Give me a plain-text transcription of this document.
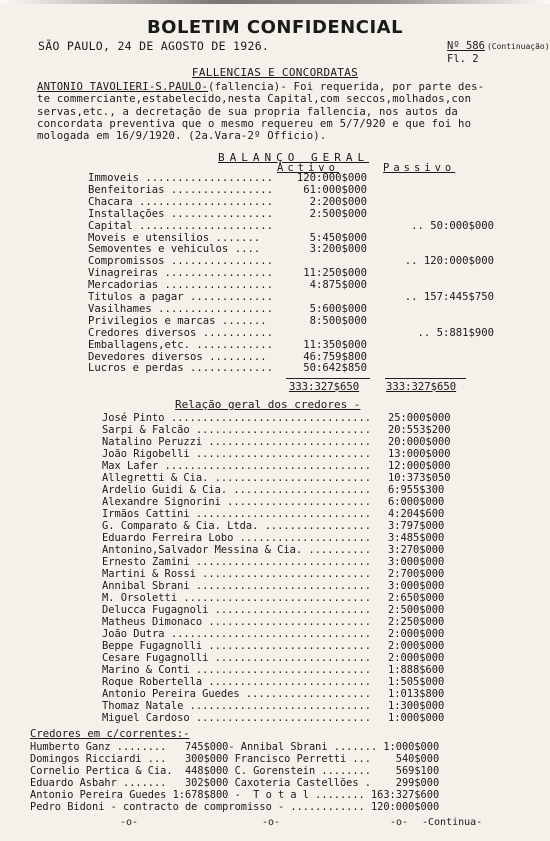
BOLETIM CONFIDENCIAL
SÃO PAULO, 24 DE AGOSTO DE 1926.	Nº 586 (Continuação)
Fl. 2
FALLENCIAS E CONCORDATAS
ANTONIO TAVOLIERI-S.PAULO-(fallencia)- Foi requerida, por parte des-
te commerciante,estabelecido,nesta Capital,com seccos,molhados,con
servas,etc., a decretação de sua propria fallencia, nos autos da
concordata preventiva que o mesmo requereu em 5/7/920 e que foi ho
mologada em 16/9/1920. (2a.Vara-2º Officio).
BALANÇO GERAL
Activo	Passivo
Immoveis ....................	120:000$000
Benfeitorias ................	61:000$000
Chacara .....................	2:200$000
Installações ................	2:500$000
Capital .....................	.. 50:000$000
Moveis e utensilios .......	5:450$000
Semoventes e vehiculos ....	3:200$000
Compromissos ................	.. 120:000$000
Vinagreiras .................	11:250$000
Mercadorias .................	4:875$000
Titulos a pagar .............	.. 157:445$750
Vasilhames ..................	5:600$000
Privilegios e marcas .......	8:500$000
Credores diversos ...........	.. 5:881$900
Emballagens,etc. ............	11:350$000
Devedores diversos .........	46:759$800
Lucros e perdas .............	50:642$850
333:327$650	333:327$650
Relação geral dos credores -
José Pinto ................................	25:000$000
Sarpi & Falcão ............................	20:553$200
Natalino Peruzzi ..........................	20:000$000
João Rigobelli ............................	13:000$000
Max Lafer .................................	12:000$000
Allegretti & Cia. .........................	10:373$050
Ardelio Guidi & Cia. ......................	6:955$300
Alexandre Signorini .......................	6:000$000
Irmãos Cattini ............................	4:204$600
G. Comparato & Cia. Ltda. .................	3:797$000
Eduardo Ferreira Lobo .....................	3:485$000
Antonino,Salvador Messina & Cia. ..........	3:270$000
Ernesto Zamini ............................	3:000$000
Martini & Rossi ...........................	2:700$000
Annibal Sbrani ............................	3:000$000
M. Orsoletti ..............................	2:650$000
Delucca Fugagnoli .........................	2:500$000
Matheus Dimonaco ..........................	2:250$000
João Dutra ................................	2:000$000
Beppe Fugagnolli ..........................	2:000$000
Cesare Fugagnolli .........................	2:000$000
Marino & Conti ............................	1:888$600
Roque Robertella ..........................	1:505$000
Antonio Pereira Guedes ....................	1:013$800
Thomaz Natale .............................	1:300$000
Miguel Cardoso ............................	1:000$000
Credores em c/correntes:-
Humberto Ganz ........   745$000- Annibal Sbrani ....... 1:000$000
Domingos Ricciardi ...   300$000 Francisco Perretti ...    540$000
Cornelio Pertica & Cia.  448$000 C. Gorenstein ........    569$100
Eduardo Asbahr .......   302$000 Caxoteria Castellões .    299$000
Antonio Pereira Guedes 1:678$800 -  T o t a l ........ 163:327$600
Pedro Bidoni - contracto de compromisso - ............ 120:000$000
-o-	-o-	-o- -Continua-
